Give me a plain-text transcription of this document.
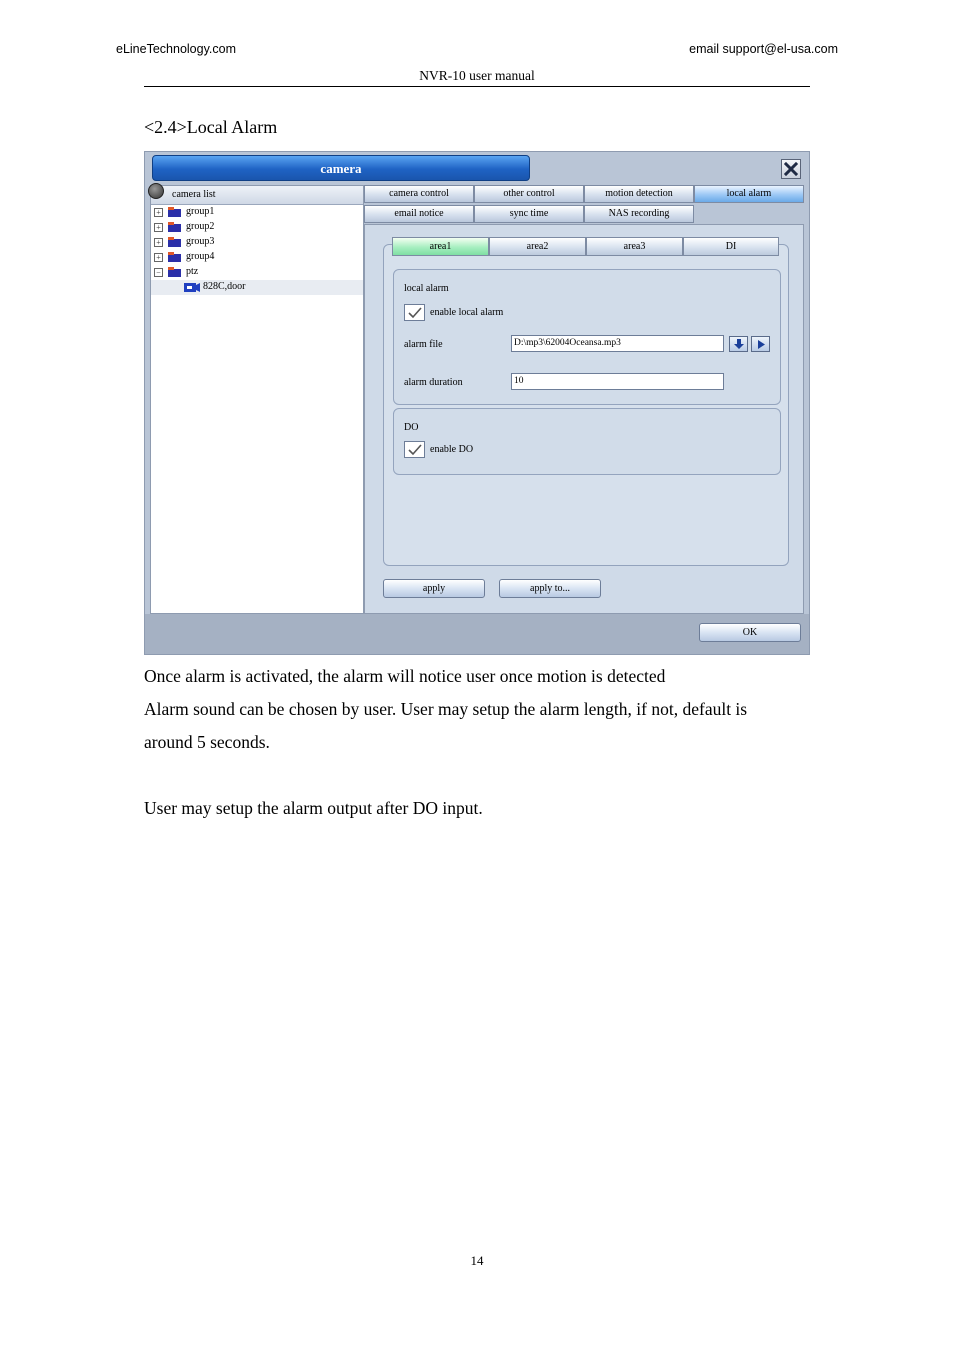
eLineTechnology.com	email support@el-usa.com
NVR-10 user manual
<2.4>Local Alarm
camera
camera list
+	group1
+	group2
+	group3
+	group4
−	ptz
828C,door
camera control	other control	motion detection	local alarm
email notice	sync time	NAS recording
area1	area2	area3	DI
local alarm
enable local alarm
alarm file	D:\mp3\62004Oceansa.mp3
alarm duration	10
DO
enable DO
apply	apply to...
OK
Once alarm is activated, the alarm will notice user once motion is detected
Alarm sound can be chosen by user. User may setup the alarm length, if not, default is
around 5 seconds.
User may setup the alarm output after DO input.
14
